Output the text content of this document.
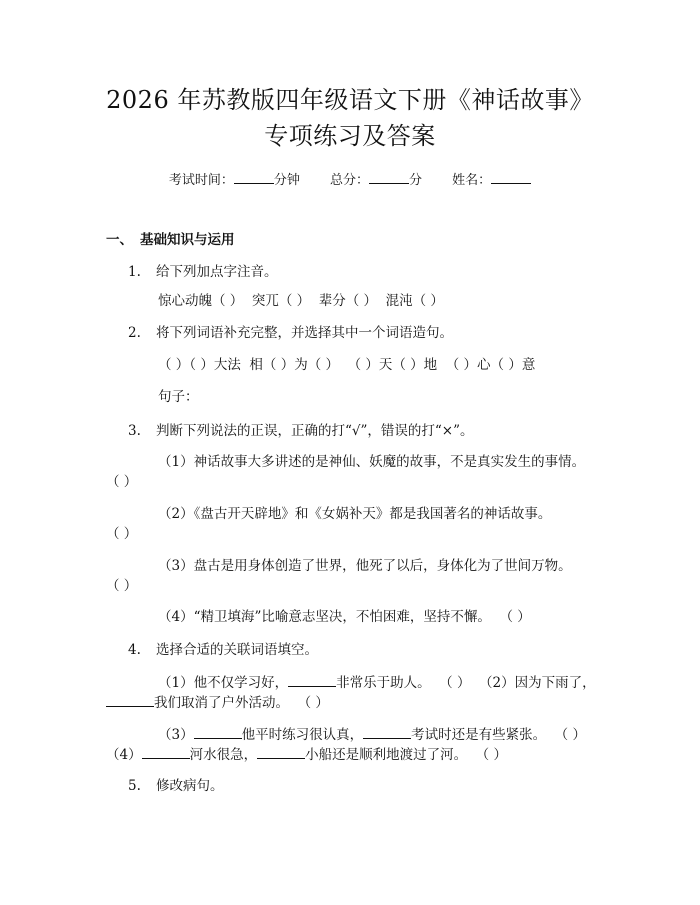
2026 年苏教版四年级语文下册《神话故事》
专项练习及答案
考试时间：	分钟 总分：	分 姓名：
一、 基础知识与运用
1. 给下列加点字注音。
惊心动魄（ ）  突兀（ ）  辈分（ ）  混沌（ ）
2. 将下列词语补充完整，并选择其中一个词语造句。
（ ）（ ）大法  相（ ）为（ ）  （ ）天（ ）地  （ ）心（ ）意
句子：
3. 判断下列说法的正误，正确的打“√”，错误的打“×”。
（1）神话故事大多讲述的是神仙、妖魔的故事，不是真实发生的事情。
（ ）
（2）《盘古开天辟地》和《女娲补天》都是我国著名的神话故事。
（ ）
（3）盘古是用身体创造了世界，他死了以后，身体化为了世间万物。
（ ）
（4）“精卫填海”比喻意志坚决，不怕困难，坚持不懈。  （ ）
4. 选择合适的关联词语填空。
（1）他不仅学习好，	非常乐于助人。  （ ）  （2）因为下雨了，
我们取消了户外活动。  （ ）
（3）	他平时练习很认真，	考试时还是有些紧张。  （ ）
（4）	河水很急，	小船还是顺利地渡过了河。  （ ）
5. 修改病句。
